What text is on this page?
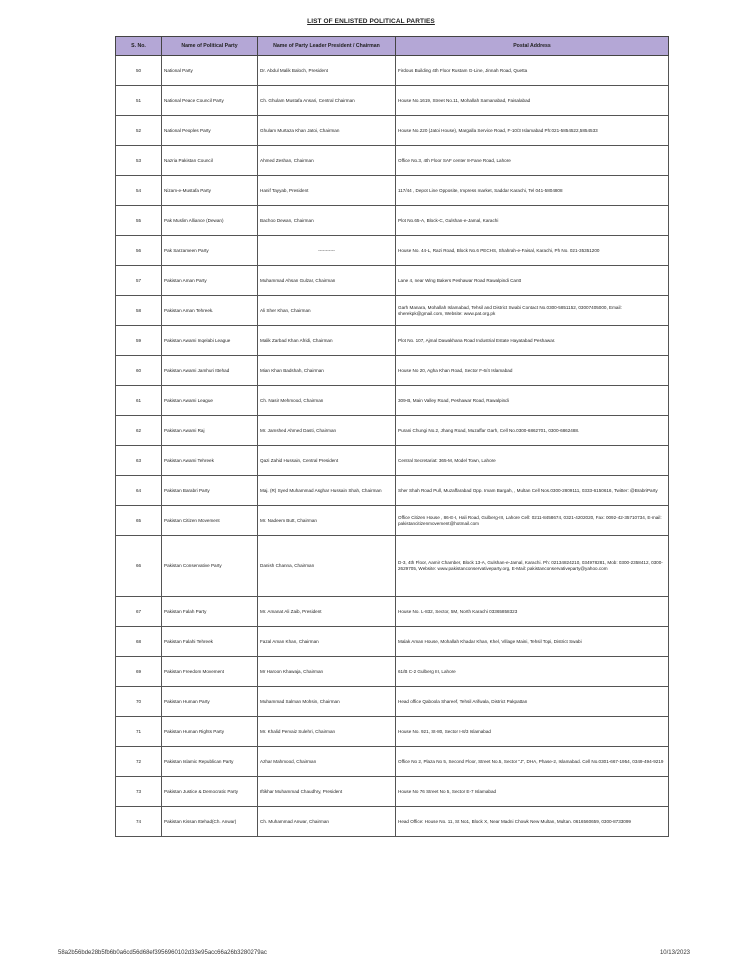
LIST OF ENLISTED POLITICAL PARTIES
S. No.	Name of Political Party	Name of Party Leader President / Chairman	Postal Address
50	National Party	Dr. Abdul Malik Baloch, President	Firdous Building 4th Floor Rustam G-Line, Jinnah Road, Quetta
51	National Peace Council Party	Ch. Ghulam Mustafa Ansari, Central Chairman	House No.1619, Street No.11, Mohallah Samanabad, Faisalabad
52	National Peoples Party	Ghulam Murtaza Khan Jatoi, Chairman	House No.220 (Jatoi House), Margalla Service Road, F-10/3 Islamabad Ph:021-5854522,5854533
53	Nazria Pakistan Council	Ahmed Zeshan, Chairman	Office No.3, 4th Floor SAF center 8-Fane Road, Lahore
54	Nizam-e-Mustafa Party	Hanif Tayyab, President	117/44 , Depot Line Opposite, Impress market, Saddar Karachi, Tel 041-5804808
55	Pak Muslim Alliance (Dewan)	Bachoo Dewan, Chairman	Plot No.65-A, Block-C, Gulshan-e-Jamal, Karachi
56	Pak Sarzameen Party	-----------	House No. 44-L, Razi Road, Block No.6 PECHS, Shahrah-e-Faisal, Karachi, Ph No. 021-35351200
57	Pakistan Aman Party	Muhammad Ahsan Gulzar, Chairman	Lane 4, near Wing Bakers Peshawar Road Rawalpindi Cantt
58	Pakistan Aman Tehreek.	Ali Sher Khan, Chairman	Garh Manara, Mohallah Islamabad, Tehsil and District Swabi Contact No.0300-5851152, 03007405000, Email: sherekpk@gmail.com, Website: www.pat.org.pk
59	Pakistan Awami Inqelabi League	Malik Zarbad Khan Afridi, Chairman	Plot No. 107, Ajmal Dawakhana Road Industrial Estate Hayatabad Peshawar.
60	Pakistan Awami Jamhuri Ittehad	Mian Khan Badshah, Chairman	House No 20, Agha Khan Road, Sector F-6/4 Islamabad
61	Pakistan Awami League	Ch. Nasir Mehmood, Chairman	309-B, Main Valley Road, Peshawar Road, Rawalpindi
62	Pakistan Awami Raj	Mr. Jamshed Ahmed Dasti, Chairman	Purani Chungi No.2, Jhang Road, Muzaffar Garh, Cell No.0300-6862701, 0300-6862488.
63	Pakistan Awami Tehreek	Qazi Zahid Hussain, Central President	Central Secretariat: 365-M, Model Town, Lahore
64	Pakistan Barabri Party	Maj. (R) Syed Muhammad Asghar Hussain Shah, Chairman	Sher Shah Road Pull, Muzaffarabad Opp. Imam Bargah, , Multan Cell Nos.0300-2809111, 0333-6150616, Twitter: @BrabriParty
65	Pakistan Citizen Movement	Mr. Nadeem Butt, Chairman	Office Citizen House , 86-E-I, Hali Road, Gulberg-III, Lahore Cell: 0211-8458674, 0321-4202020, Fax: 0092-42-35710734, E-mail: pakistancitizenmovement@hotmail.com
66	Pakistan Conservative Party	Danish Channa, Chairman	D-3, 4th Floor, Aamir Chamber, Block 13-A, Gulshan-e-Jamal, Karachi. Ph: 02134824210, 034978281, Mob: 0300-2358412, 0300-2629705, Website: www.pakistanconservativeparty.org, E-Mail: pakistanconservativeparty@yahoo.com
67	Pakistan Falah Party	Mr. Amanat Ali Zaib, President	House No. L-832, Sector, 5M, North Karachi 03365858323
68	Pakistan Falahi Tehreek	Fazal Aman Khan, Chairman	Malak Aman House, Mohallah Khadar Khan, Khel, Village Maini, Tehsil Topi, District Swabi
69	Pakistan Freedom Movement	Mr Haroon Khawaja, Chairman	61/B C-2 Gulberg III, Lahore
70	Pakistan Human Party	Muhammad Salman Mohsin, Chairman	Head office Qaboola Shareef, Tehsil Arifwala, District Pakpattan
71	Pakistan Human Rights Party	Mr. Khalid Pervaiz Sulehri, Chairman	House No. 921, St-80, Sector I-8/3 Islamabad
72	Pakistan Islamic Republican Party	Azhar Mahmood, Chairman	Office No 2, Plaza No 5, Second Floor, Street No.5, Sector "J", DHA, Phase-2, Islamabad. Cell No.0301-667-1954, 0349-494-9219
73	Pakistan Justice & Democratic Party	Iftikhar Muhammad Chaudhry, President	House No 76 Street No 5, Sector E-7 Islamabad
74	Pakistan Kissan Ittehad(Ch. Anwar)	Ch. Muhammad Anwar, Chairman	Head Office: House No. 11, St No1, Block X, Near Madni Chowk New Multan, Multan. 0616560659, 0300-8733099
58a2b56bde28b5fb6b0a6cd56d68ef3956960102d33e95acc66a26b3280279ac	10/13/2023
